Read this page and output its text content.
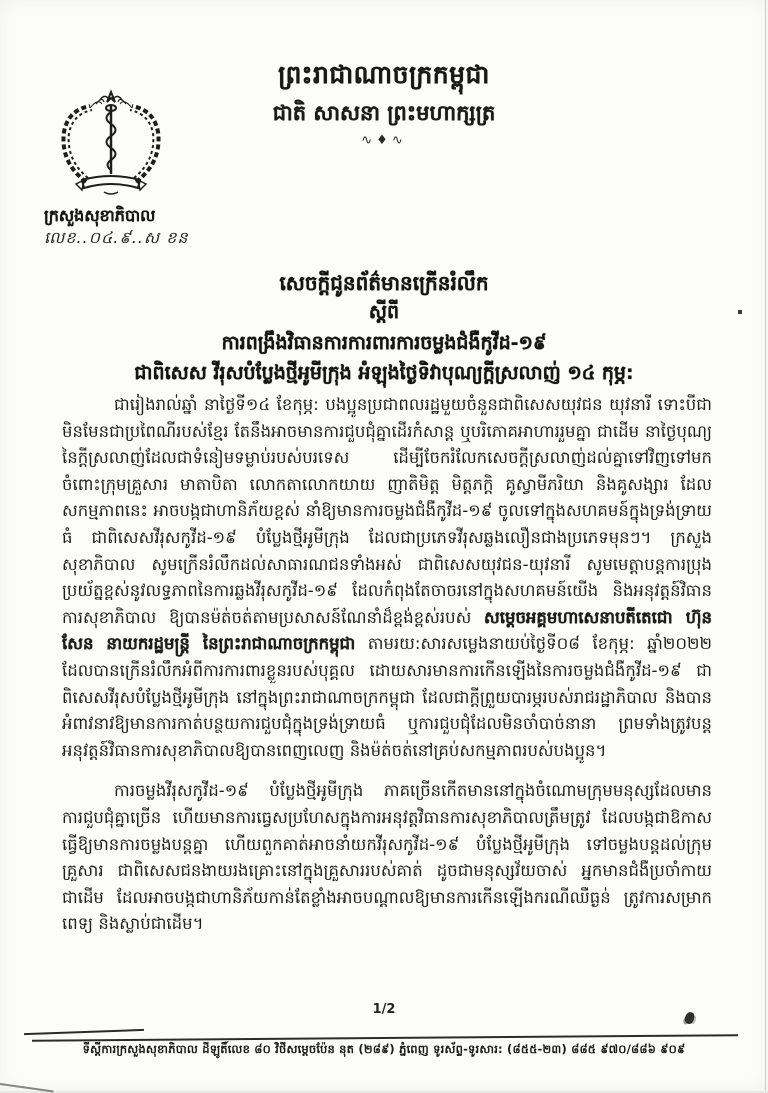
ព្រះរាជាណាចក្រកម្ពុជា
ជាតិ សាសនា ព្រះមហាក្សត្រ
∿♦∿
ក្រសួងសុខាភិបាល
លេខ..០៤.៩..ស ខន
សេចក្តីជូនព័ត៌មានក្រើនរំលឹក
ស្តីពី
ការពង្រឹងវិធានការការពារការចម្លងជំងឺកូវីដ-១៩
ជាពិសេស វីរុសបំប្លែងថ្មីអូមីក្រុង អំឡុងថ្ងៃទិវាបុណ្យក្តីស្រលាញ់ ១៤ កុម្ភ:

ជារៀងរាល់ឆ្នាំ នាថ្ងៃទី១៤ ខែកុម្ភ: បងប្អូនប្រជាពលរដ្ឋមួយចំនួនជាពិសេសយុវជន យុវនារី ទោះបីជាមិនមែនជាប្រពៃណីរបស់ខ្មែរ តែនឹងអាចមានការជួបជុំគ្នាដើរកំសាន្ត ឬបរិភោគអាហាររួមគ្នា ជាដើម នាថ្ងៃបុណ្យនៃក្តីស្រលាញ់ដែលជាទំនៀមទម្លាប់របស់បរទេស ដើម្បីចែករំលែកសេចក្តីស្រលាញ់ដល់គ្នាទៅវិញទៅមក ចំពោះក្រុមគ្រួសារ មាតាបិតា លោកតាលោកយាយ ញាតិមិត្ត មិត្តភក្តិ គូស្វាមីភរិយា និងគូសង្សារ ដែលសកម្មភាពនេះ អាចបង្កជាហានិភ័យខ្ពស់ នាំឱ្យមានការចម្លងជំងឺកូវីដ-១៩ ចូលទៅក្នុងសហគមន៍ក្នុងទ្រង់ទ្រាយធំ ជាពិសេសវីរុសកូវីដ-១៩ បំប្លែងថ្មីអូមីក្រុង ដែលជាប្រភេទវីរុសឆ្លងលឿនជាងប្រភេទមុនៗ។ ក្រសួងសុខាភិបាល សូមក្រើនរំលឹកដល់សាធារណជនទាំងអស់ ជាពិសេសយុវជន-យុវនារី សូមមេត្តាបន្តការប្រុងប្រយ័ត្នខ្ពស់នូវលទ្ធភាពនៃការឆ្លងវីរុសកូវីដ-១៩ ដែលកំពុងតែចាចរនៅក្នុងសហគមន៍យើង និងអនុវត្តន៍វិធានការសុខាភិបាល ឱ្យបានម៉ត់ចត់តាមប្រសាសន៍ណែនាំដ៏ខ្ពង់ខ្ពស់របស់ សម្តេចអគ្គមហាសេនាបតីតេជោ ហ៊ុន សែន នាយករដ្ឋមន្ត្រី នៃព្រះរាជាណាចក្រកម្ពុជា តាមរយ:សារសម្លេងនាយប់ថ្ងៃទី០៨ ខែកុម្ភ: ឆ្នាំ២០២២ ដែលបានក្រើនរំលឹកអំពីការការពារខ្លួនរបស់បុគ្គល ដោយសារមានការកើនឡើងនៃការចម្លងជំងឺកូវីដ-១៩ ជាពិសេសវីរុសបំប្លែងថ្មីអូមីក្រុង នៅក្នុងព្រះរាជាណាចក្រកម្ពុជា ដែលជាក្តីព្រួយបារម្ភរបស់រាជរដ្ឋាភិបាល និងបានអំពាវនាវឱ្យមានការកាត់បន្ថយការជួបជុំក្នុងទ្រង់ទ្រាយធំ ឬការជួបជុំដែលមិនចាំបាច់នានា ព្រមទាំងត្រូវបន្តអនុវត្តន៍វិធានការសុខាភិបាលឱ្យបានពេញលេញ និងម៉ត់ចត់នៅគ្រប់សកម្មភាពរបស់បងប្អូន។

ការចម្លងវីរុសកូវីដ-១៩ បំប្លែងថ្មីអូមីក្រុង ភាគច្រើនកើតមាននៅក្នុងចំណោមក្រុមមនុស្សដែលមានការជួបជុំគ្នាច្រើន ហើយមានការធ្វេសប្រហែសក្នុងការអនុវត្តវិធានការសុខាភិបាលត្រឹមត្រូវ ដែលបង្កជាឱកាសធ្វើឱ្យមានការចម្លងបន្តគ្នា ហើយពួកគាត់អាចនាំយកវីរុសកូវីដ-១៩ បំប្លែងថ្មីអូមីក្រុង ទៅចម្លងបន្តដល់ក្រុមគ្រួសារ ជាពិសេសជនងាយរងគ្រោះនៅក្នុងគ្រួសាររបស់គាត់ ដូចជាមនុស្សវ័យចាស់ អ្នកមានជំងឺប្រចាំកាយជាដើម ដែលអាចបង្កជាហានិភ័យកាន់តែខ្លាំងអាចបណ្តាលឱ្យមានការកើនឡើងករណីឈឺធ្ងន់ ត្រូវការសម្រាកពេទ្យ និងស្លាប់ជាដើម។

1/2
ទីស្តីការក្រសួងសុខាភិបាល ដីឡូតិ៍លេខ ៨០ វិថីសម្តេចប៉ែន នុត (២៨៩) ភ្នំពេញ ទូរស័ព្ទ-ទូរសារ: (៨៥៥-២៣) ៨៨៥ ៩៧០/៨៨៦ ៩០៩
